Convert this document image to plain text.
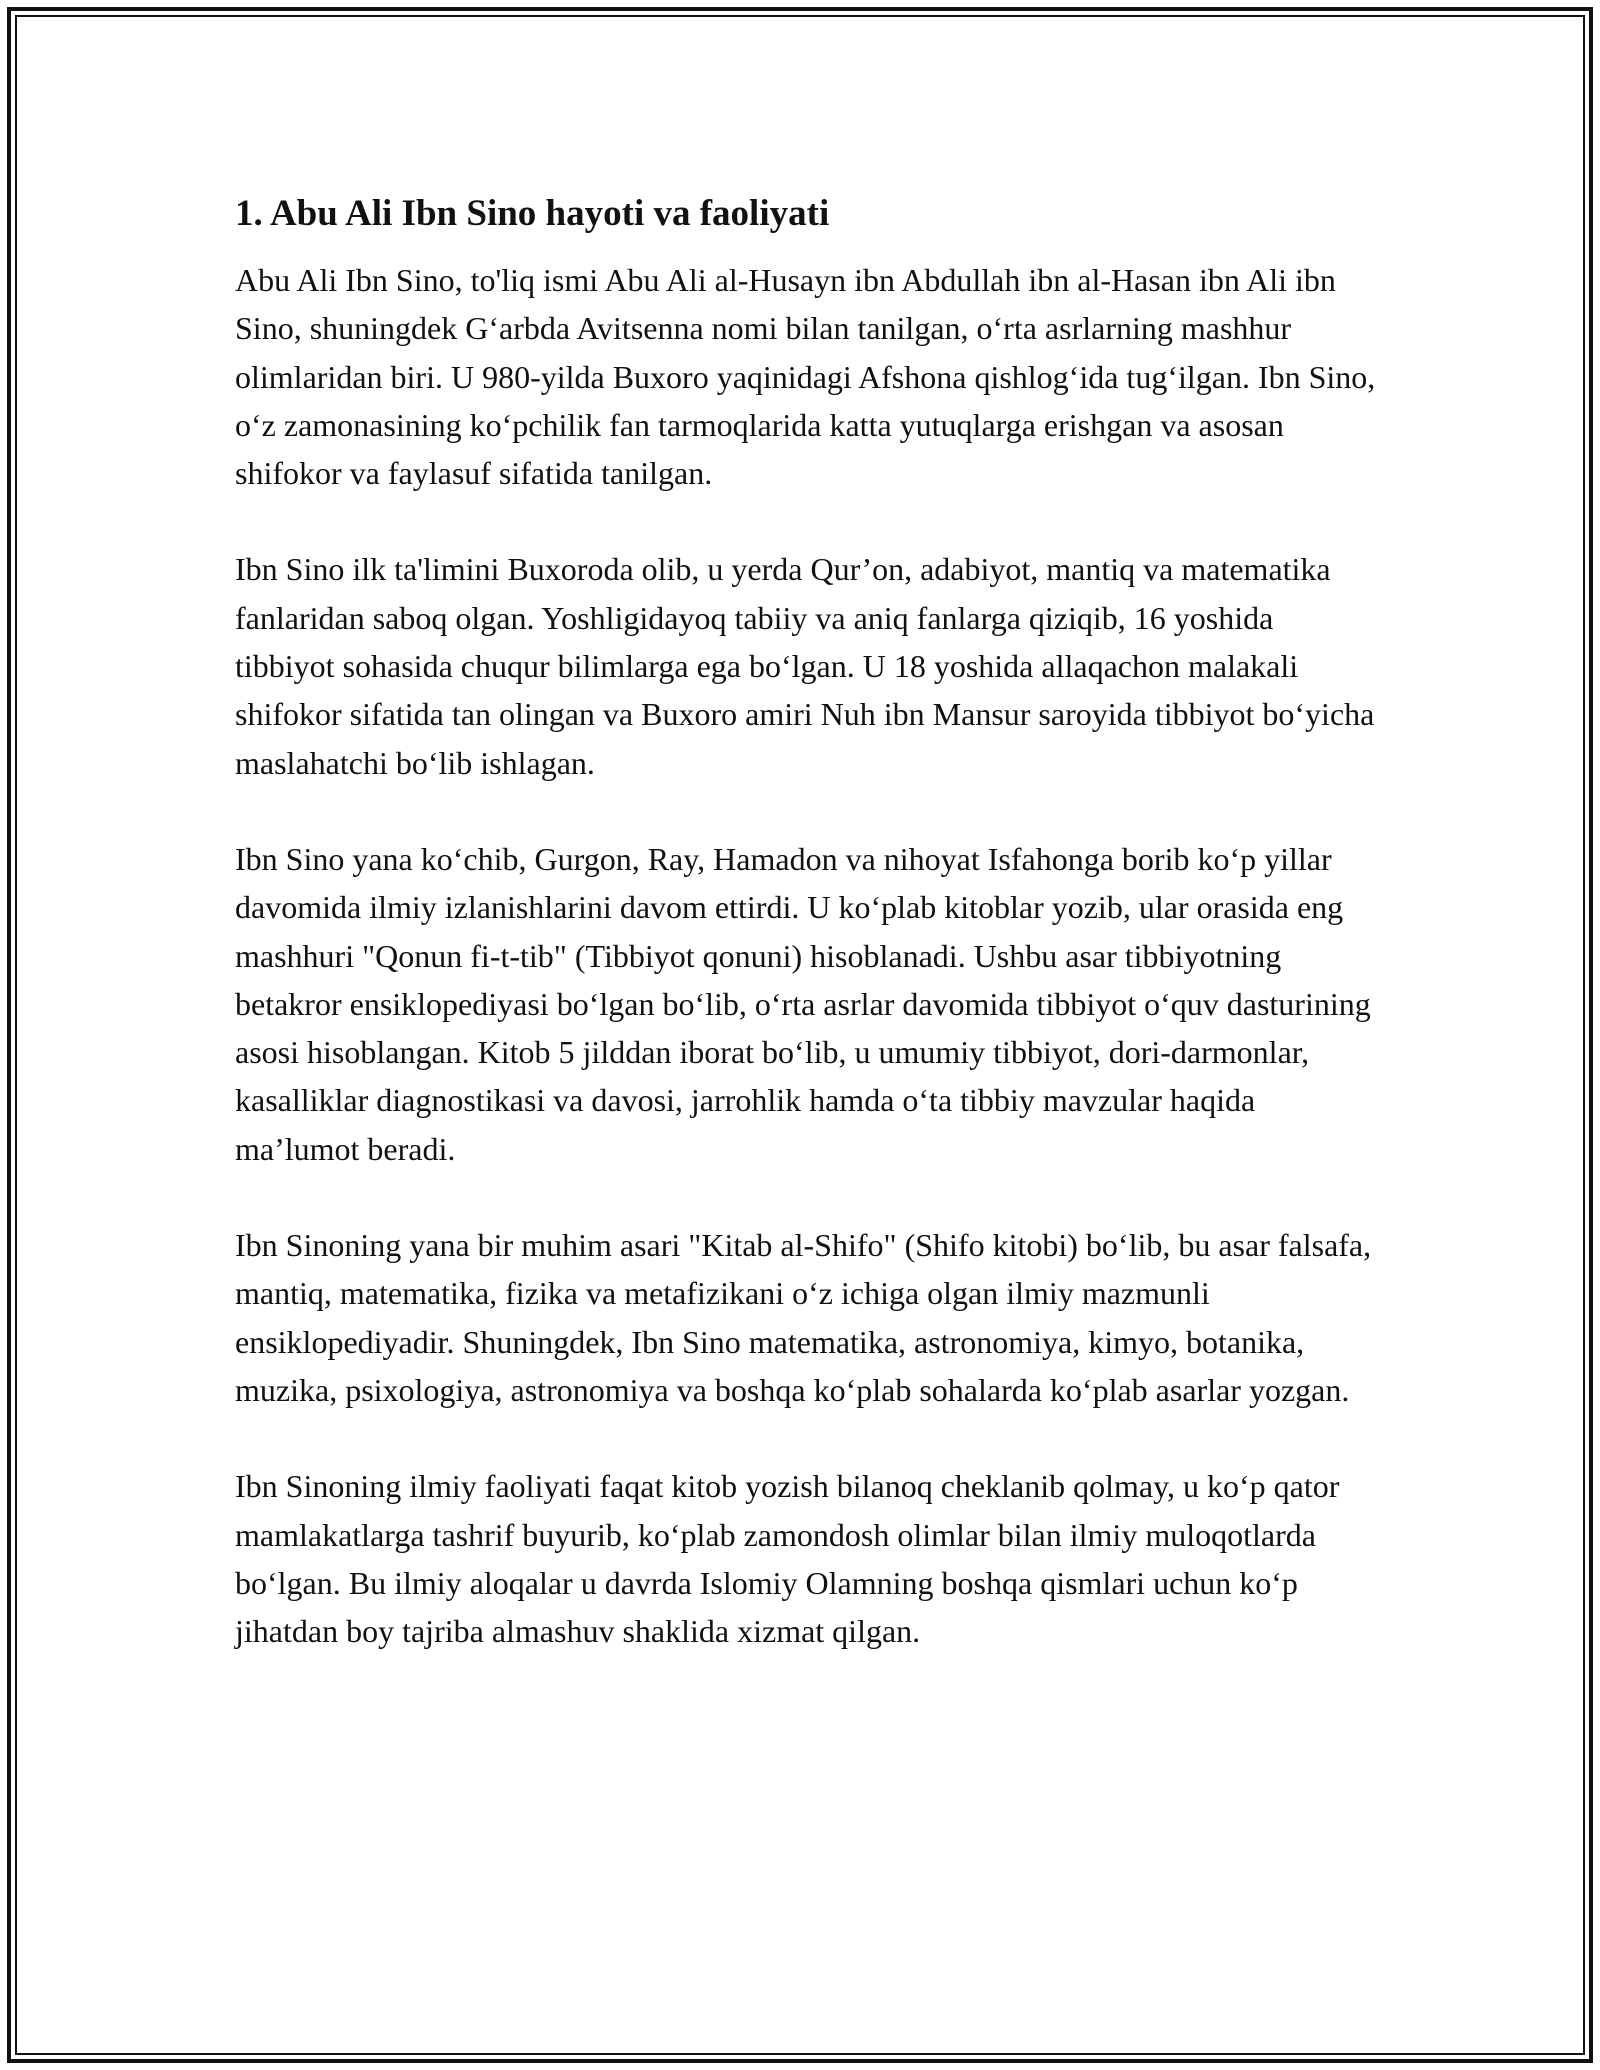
1. Abu Ali Ibn Sino hayoti va faoliyati

Abu Ali Ibn Sino, to'liq ismi Abu Ali al-Husayn ibn Abdullah ibn al-Hasan ibn Ali ibn Sino, shuningdek G‘arbda Avitsenna nomi bilan tanilgan, o‘rta asrlarning mashhur olimlaridan biri. U 980-yilda Buxoro yaqinidagi Afshona qishlog‘ida tug‘ilgan. Ibn Sino, o‘z zamonasining ko‘pchilik fan tarmoqlarida katta yutuqlarga erishgan va asosan shifokor va faylasuf sifatida tanilgan.

Ibn Sino ilk ta'limini Buxoroda olib, u yerda Qur’on, adabiyot, mantiq va matematika fanlaridan saboq olgan. Yoshligidayoq tabiiy va aniq fanlarga qiziqib, 16 yoshida tibbiyot sohasida chuqur bilimlarga ega bo‘lgan. U 18 yoshida allaqachon malakali shifokor sifatida tan olingan va Buxoro amiri Nuh ibn Mansur saroyida tibbiyot bo‘yicha maslahatchi bo‘lib ishlagan.

Ibn Sino yana ko‘chib, Gurgon, Ray, Hamadon va nihoyat Isfahonga borib ko‘p yillar davomida ilmiy izlanishlarini davom ettirdi. U ko‘plab kitoblar yozib, ular orasida eng mashhuri "Qonun fi-t-tib" (Tibbiyot qonuni) hisoblanadi. Ushbu asar tibbiyotning betakror ensiklopediyasi bo‘lgan bo‘lib, o‘rta asrlar davomida tibbiyot o‘quv dasturining asosi hisoblangan. Kitob 5 jilddan iborat bo‘lib, u umumiy tibbiyot, dori-darmonlar, kasalliklar diagnostikasi va davosi, jarrohlik hamda o‘ta tibbiy mavzular haqida ma’lumot beradi.

Ibn Sinoning yana bir muhim asari "Kitab al-Shifo" (Shifo kitobi) bo‘lib, bu asar falsafa, mantiq, matematika, fizika va metafizikani o‘z ichiga olgan ilmiy mazmunli ensiklopediyadir. Shuningdek, Ibn Sino matematika, astronomiya, kimyo, botanika, muzika, psixologiya, astronomiya va boshqa ko‘plab sohalarda ko‘plab asarlar yozgan.

Ibn Sinoning ilmiy faoliyati faqat kitob yozish bilanoq cheklanib qolmay, u ko‘p qator mamlakatlarga tashrif buyurib, ko‘plab zamondosh olimlar bilan ilmiy muloqotlarda bo‘lgan. Bu ilmiy aloqalar u davrda Islomiy Olamning boshqa qismlari uchun ko‘p jihatdan boy tajriba almashuv shaklida xizmat qilgan.
